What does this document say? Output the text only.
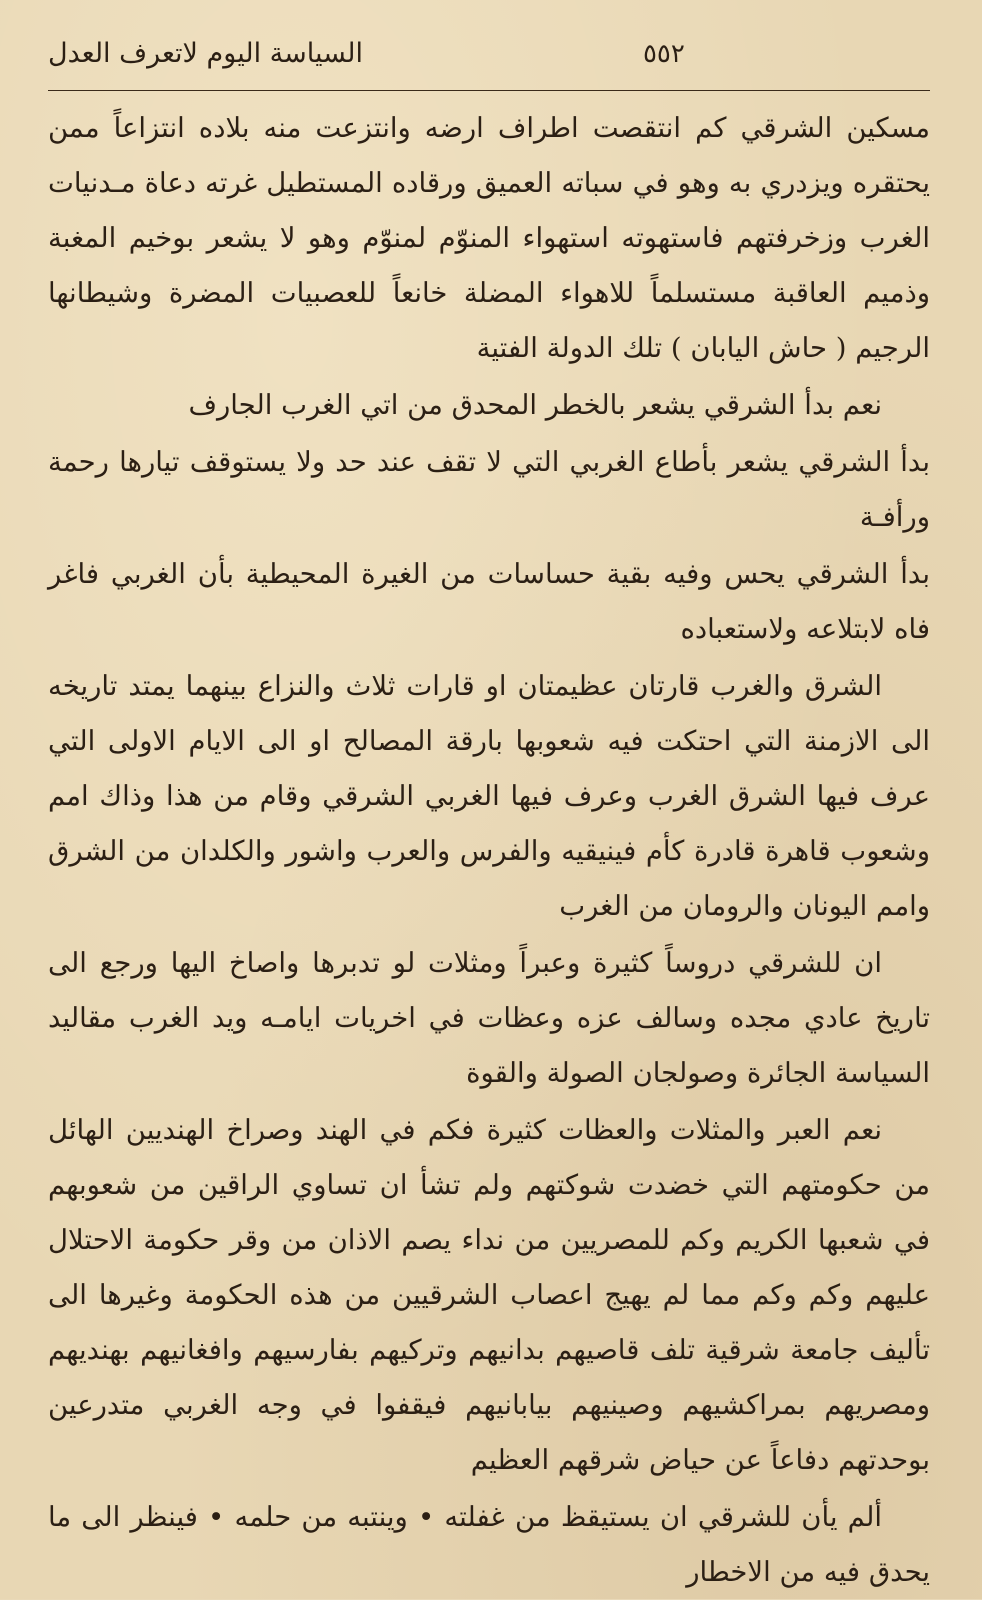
السياسة اليوم لاتعرف العدل	٥٥٢

مسكين الشرقي كم انتقصت اطراف ارضه وانتزعت منه بلاده انتزاعاً ممن يحتقره ويزدري به وهو في سباته العميق ورقاده المستطيل غرته دعاة مـدنيات الغرب وزخرفتهم فاستهوته استهواء المنوّم لمنوّم وهو لا يشعر بوخيم المغبة وذميم العاقبة مستسلماً للاهواء المضلة خانعاً للعصبيات المضرة وشيطانها الرجيم ( حاش اليابان ) تلك الدولة الفتية

نعم بدأ الشرقي يشعر بالخطر المحدق من اتي الغرب الجارف

بدأ الشرقي يشعر بأطاع الغربي التي لا تقف عند حد ولا يستوقف تيارها رحمة ورأفـة

بدأ الشرقي يحس وفيه بقية حساسات من الغيرة المحيطية بأن الغربي فاغر فاه لابتلاعه ولاستعباده

الشرق والغرب قارتان عظيمتان او قارات ثلاث والنزاع بينهما يمتد تاريخه الى الازمنة التي احتكت فيه شعوبها بارقة المصالح او الى الايام الاولى التي عرف فيها الشرق الغرب وعرف فيها الغربي الشرقي وقام من هذا وذاك امم وشعوب قاهرة قادرة كأم فينيقيه والفرس والعرب واشور والكلدان من الشرق وامم اليونان والرومان من الغرب

ان للشرقي دروساً كثيرة وعبراً ومثلات لو تدبرها واصاخ اليها ورجع الى تاريخ عادي مجده وسالف عزه وعظات في اخريات ايامـه ويد الغرب مقاليد السياسة الجائرة وصولجان الصولة والقوة

نعم العبر والمثلات والعظات كثيرة فكم في الهند وصراخ الهنديين الهائل من حكومتهم التي خضدت شوكتهم ولم تشأ ان تساوي الراقين من شعوبهم في شعبها الكريم وكم للمصريين من نداء يصم الاذان من وقر حكومة الاحتلال عليهم وكم وكم مما لم يهيج اعصاب الشرقيين من هذه الحكومة وغيرها الى تأليف جامعة شرقية تلف قاصيهم بدانيهم وتركيهم بفارسيهم وافغانيهم بهنديهم ومصريهم بمراكشيهم وصينيهم بيابانيهم فيقفوا في وجه الغربي متدرعين بوحدتهم دفاعاً عن حياض شرقهم العظيم

ألم يأن للشرقي ان يستيقظ من غفلته • وينتبه من حلمه • فينظر الى ما يحدق فيه من الاخطار
